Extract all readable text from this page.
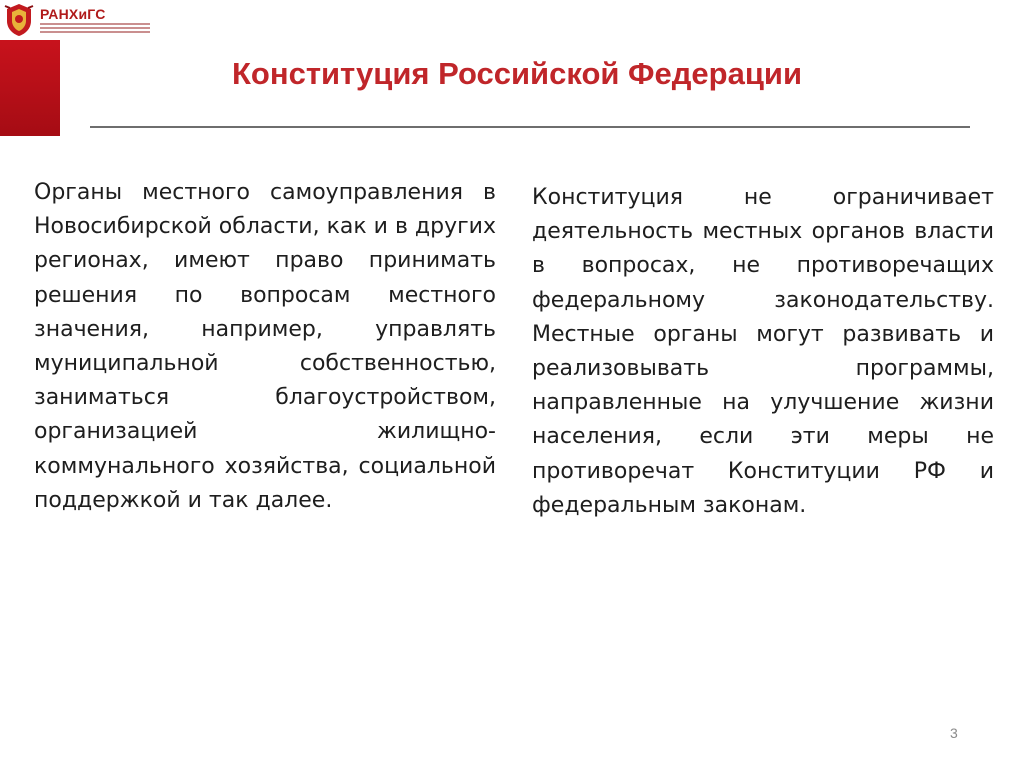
РАНХиГС
Конституция Российской Федерации

Органы местного самоуправления в Новосибирской области, как и в других регионах, имеют право принимать решения по вопросам местного значения, например, управлять муниципальной собственностью, заниматься благоустройством, организацией жилищно-коммунального хозяйства, социальной поддержкой и так далее.

Конституция не ограничивает деятельность местных органов власти в вопросах, не противоречащих федеральному законодательству. Местные органы могут развивать и реализовывать программы, направленные на улучшение жизни населения, если эти меры не противоречат Конституции РФ и федеральным законам.

3
